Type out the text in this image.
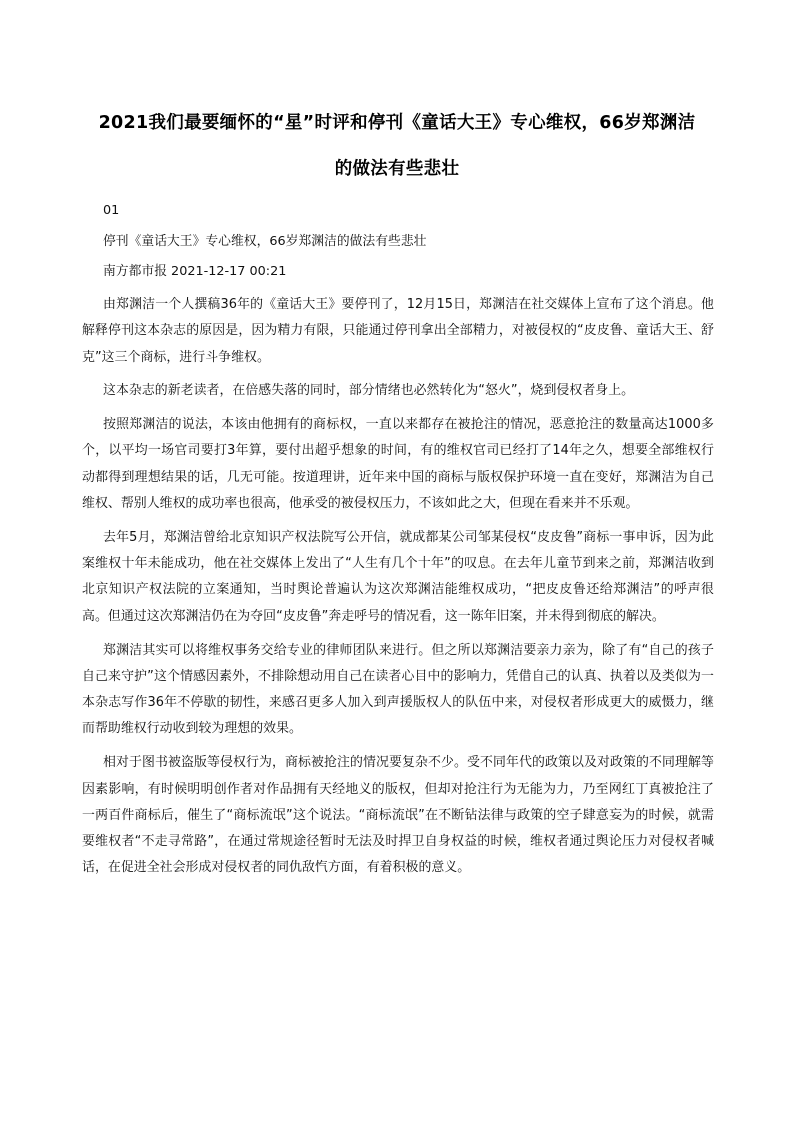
2021我们最要缅怀的“星”时评和停刊《童话大王》专心维权，66岁郑渊洁
的做法有些悲壮

01

停刊《童话大王》专心维权，66岁郑渊洁的做法有些悲壮

南方都市报 2021-12-17 00:21

由郑渊洁一个人撰稿36年的《童话大王》要停刊了，12月15日，郑渊洁在社交媒体上宣布了这个消息。他解释停刊这本杂志的原因是，因为精力有限，只能通过停刊拿出全部精力，对被侵权的“皮皮鲁、童话大王、舒克”这三个商标，进行斗争维权。

这本杂志的新老读者，在倍感失落的同时，部分情绪也必然转化为“怒火”，烧到侵权者身上。

按照郑渊洁的说法，本该由他拥有的商标权，一直以来都存在被抢注的情况，恶意抢注的数量高达1000多个，以平均一场官司要打3年算，要付出超乎想象的时间，有的维权官司已经打了14年之久，想要全部维权行动都得到理想结果的话，几无可能。按道理讲，近年来中国的商标与版权保护环境一直在变好，郑渊洁为自己维权、帮别人维权的成功率也很高，他承受的被侵权压力，不该如此之大，但现在看来并不乐观。

去年5月，郑渊洁曾给北京知识产权法院写公开信，就成都某公司邹某侵权“皮皮鲁”商标一事申诉，因为此案维权十年未能成功，他在社交媒体上发出了“人生有几个十年”的叹息。在去年儿童节到来之前，郑渊洁收到北京知识产权法院的立案通知，当时舆论普遍认为这次郑渊洁能维权成功，“把皮皮鲁还给郑渊洁”的呼声很高。但通过这次郑渊洁仍在为夺回“皮皮鲁”奔走呼号的情况看，这一陈年旧案，并未得到彻底的解决。

郑渊洁其实可以将维权事务交给专业的律师团队来进行。但之所以郑渊洁要亲力亲为，除了有“自己的孩子自己来守护”这个情感因素外，不排除想动用自己在读者心目中的影响力，凭借自己的认真、执着以及类似为一本杂志写作36年不停歇的韧性，来感召更多人加入到声援版权人的队伍中来，对侵权者形成更大的威慑力，继而帮助维权行动收到较为理想的效果。

相对于图书被盗版等侵权行为，商标被抢注的情况要复杂不少。受不同年代的政策以及对政策的不同理解等因素影响，有时候明明创作者对作品拥有天经地义的版权，但却对抢注行为无能为力，乃至网红丁真被抢注了一两百件商标后，催生了“商标流氓”这个说法。“商标流氓”在不断钻法律与政策的空子肆意妄为的时候，就需要维权者“不走寻常路”，在通过常规途径暂时无法及时捍卫自身权益的时候，维权者通过舆论压力对侵权者喊话，在促进全社会形成对侵权者的同仇敌忾方面，有着积极的意义。
